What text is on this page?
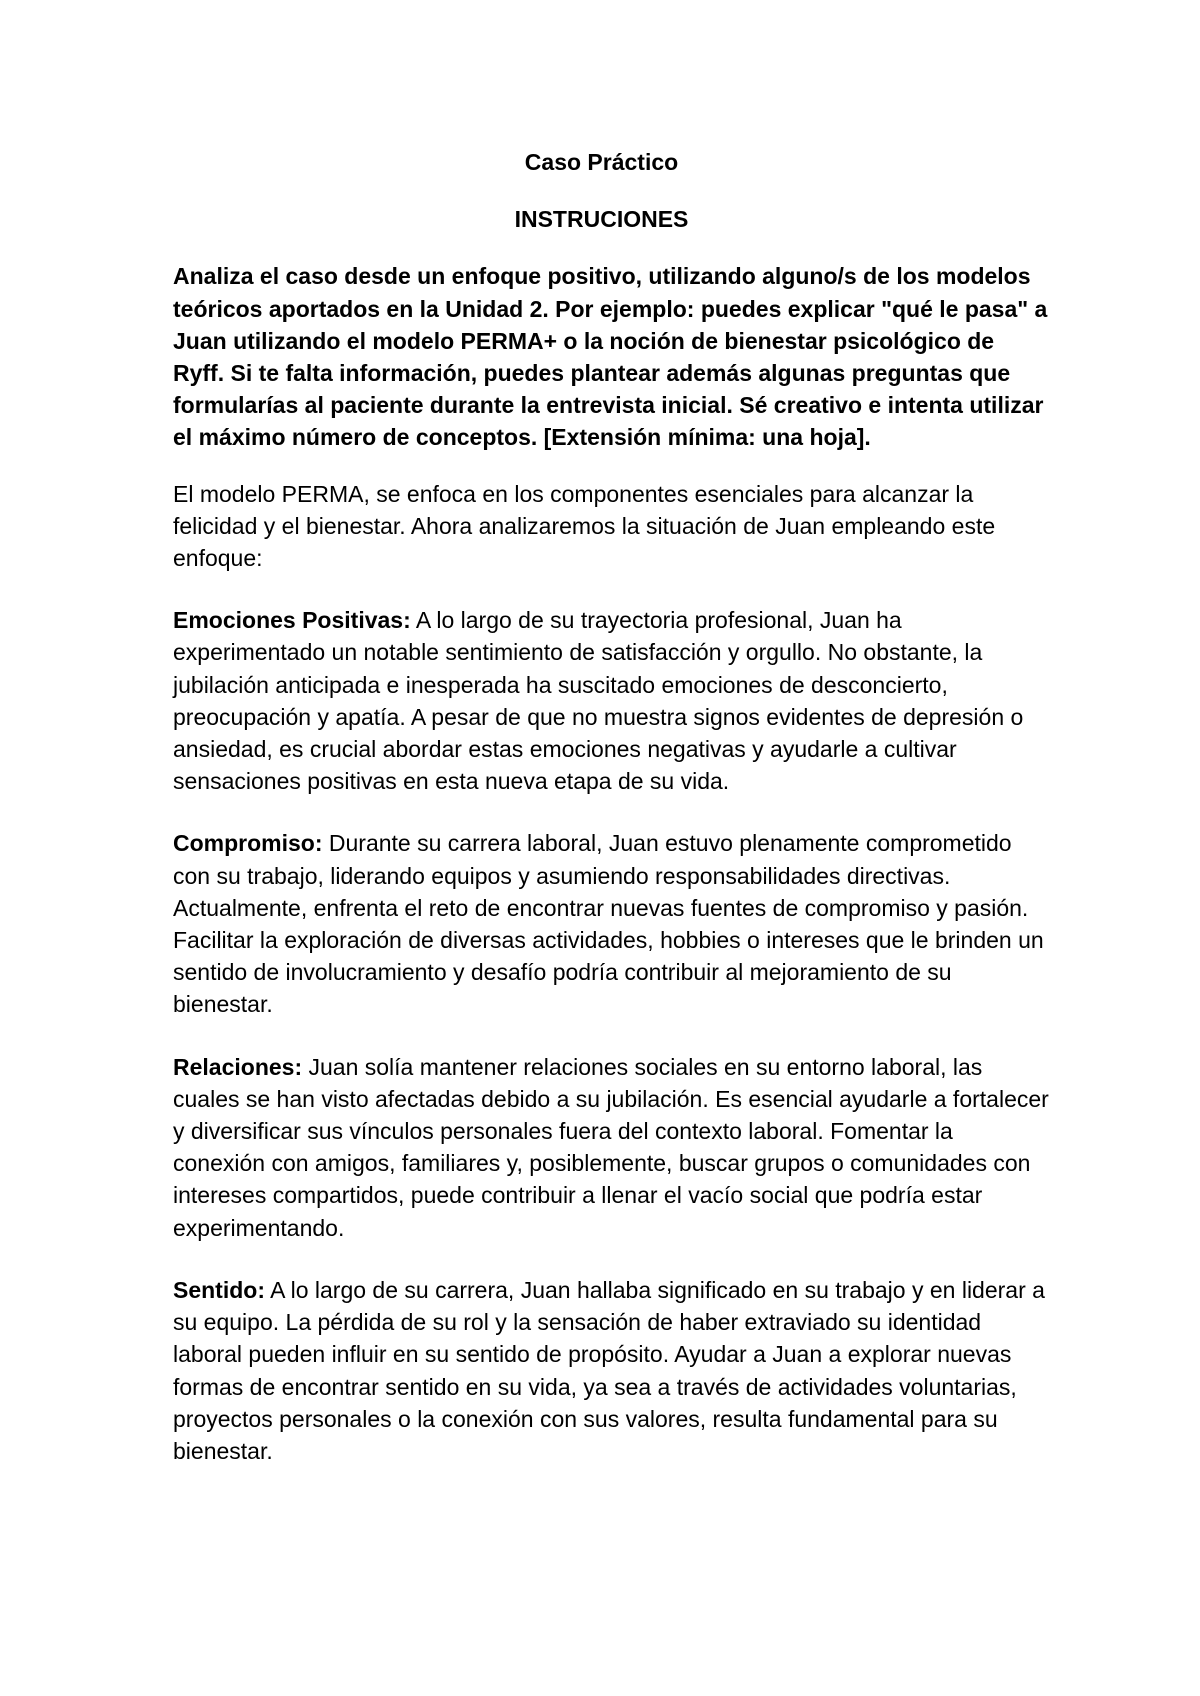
Caso Práctico
INSTRUCIONES

Analiza el caso desde un enfoque positivo, utilizando alguno/s de los modelos teóricos aportados en la Unidad 2. Por ejemplo: puedes explicar "qué le pasa" a Juan utilizando el modelo PERMA+ o la noción de bienestar psicológico de Ryff. Si te falta información, puedes plantear además algunas preguntas que formularías al paciente durante la entrevista inicial. Sé creativo e intenta utilizar el máximo número de conceptos. [Extensión mínima: una hoja].

El modelo PERMA, se enfoca en los componentes esenciales para alcanzar la felicidad y el bienestar. Ahora analizaremos la situación de Juan empleando este enfoque:

Emociones Positivas: A lo largo de su trayectoria profesional, Juan ha experimentado un notable sentimiento de satisfacción y orgullo. No obstante, la jubilación anticipada e inesperada ha suscitado emociones de desconcierto, preocupación y apatía. A pesar de que no muestra signos evidentes de depresión o ansiedad, es crucial abordar estas emociones negativas y ayudarle a cultivar sensaciones positivas en esta nueva etapa de su vida.

Compromiso: Durante su carrera laboral, Juan estuvo plenamente comprometido con su trabajo, liderando equipos y asumiendo responsabilidades directivas. Actualmente, enfrenta el reto de encontrar nuevas fuentes de compromiso y pasión. Facilitar la exploración de diversas actividades, hobbies o intereses que le brinden un sentido de involucramiento y desafío podría contribuir al mejoramiento de su bienestar.

Relaciones: Juan solía mantener relaciones sociales en su entorno laboral, las cuales se han visto afectadas debido a su jubilación. Es esencial ayudarle a fortalecer y diversificar sus vínculos personales fuera del contexto laboral. Fomentar la conexión con amigos, familiares y, posiblemente, buscar grupos o comunidades con intereses compartidos, puede contribuir a llenar el vacío social que podría estar experimentando.

Sentido: A lo largo de su carrera, Juan hallaba significado en su trabajo y en liderar a su equipo. La pérdida de su rol y la sensación de haber extraviado su identidad laboral pueden influir en su sentido de propósito. Ayudar a Juan a explorar nuevas formas de encontrar sentido en su vida, ya sea a través de actividades voluntarias, proyectos personales o la conexión con sus valores, resulta fundamental para su bienestar.
